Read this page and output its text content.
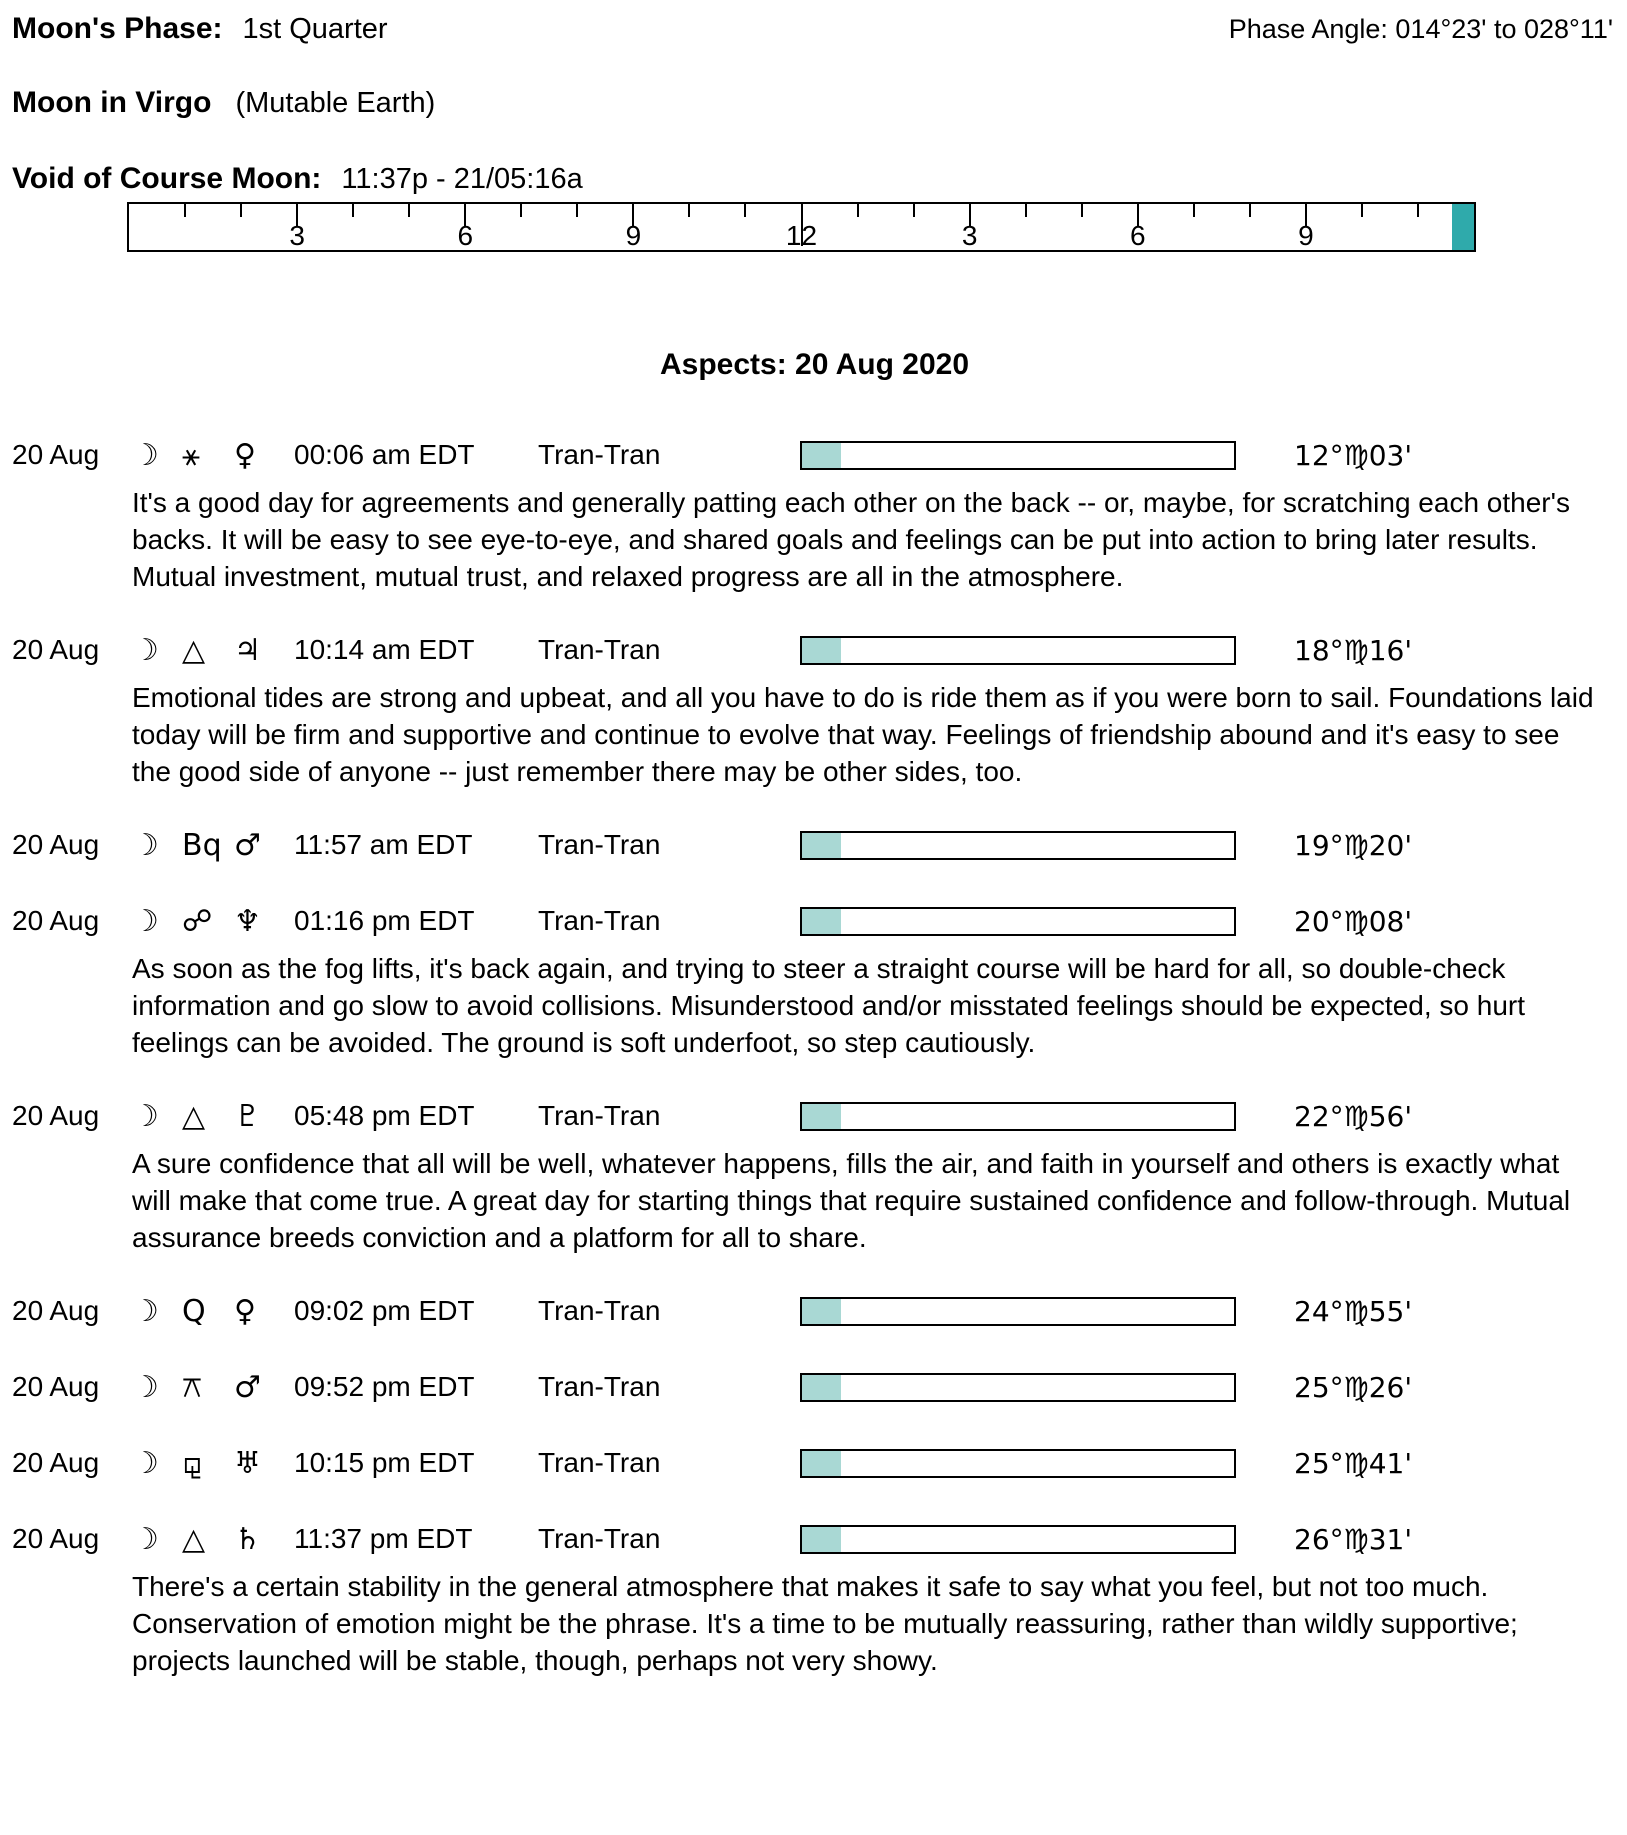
Moon's Phase: 1st Quarter	Phase Angle: 014°23' to 028°11'
Moon in Virgo (Mutable Earth)
Void of Course Moon: 11:37p - 21/05:16a
3	6	9	12	3	6	9
Aspects: 20 Aug 2020
20 Aug	☽ ⚹	♀	00:06 am EDT	Tran-Tran	12°♍03'
It's a good day for agreements and generally patting each other on the back -- or, maybe, for scratching each other's backs. It will be easy to see eye-to-eye, and shared goals and feelings can be put into action to bring later results. Mutual investment, mutual trust, and relaxed progress are all in the atmosphere.
20 Aug	☽ △ ♃	10:14 am EDT	Tran-Tran	18°♍16'
Emotional tides are strong and upbeat, and all you have to do is ride them as if you were born to sail. Foundations laid today will be firm and supportive and continue to evolve that way. Feelings of friendship abound and it's easy to see the good side of anyone -- just remember there may be other sides, too.
20 Aug	☽ Bq ♂	11:57 am EDT	Tran-Tran	19°♍20'
20 Aug	☽ ☍ ♆	01:16 pm EDT	Tran-Tran	20°♍08'
As soon as the fog lifts, it's back again, and trying to steer a straight course will be hard for all, so double-check information and go slow to avoid collisions. Misunderstood and/or misstated feelings should be expected, so hurt feelings can be avoided. The ground is soft underfoot, so step cautiously.
20 Aug	☽ △ ♇	05:48 pm EDT	Tran-Tran	22°♍56'
A sure confidence that all will be well, whatever happens, fills the air, and faith in yourself and others is exactly what will make that come true. A great day for starting things that require sustained confidence and follow-through. Mutual assurance breeds conviction and a platform for all to share.
20 Aug	☽ Q ♀	09:02 pm EDT	Tran-Tran	24°♍55'
20 Aug	☽ ⚻	♂	09:52 pm EDT	Tran-Tran	25°♍26'
20 Aug	☽ ⚼	♅	10:15 pm EDT	Tran-Tran	25°♍41'
20 Aug	☽ △ ♄	11:37 pm EDT	Tran-Tran	26°♍31'
There's a certain stability in the general atmosphere that makes it safe to say what you feel, but not too much. Conservation of emotion might be the phrase. It's a time to be mutually reassuring, rather than wildly supportive; projects launched will be stable, though, perhaps not very showy.
